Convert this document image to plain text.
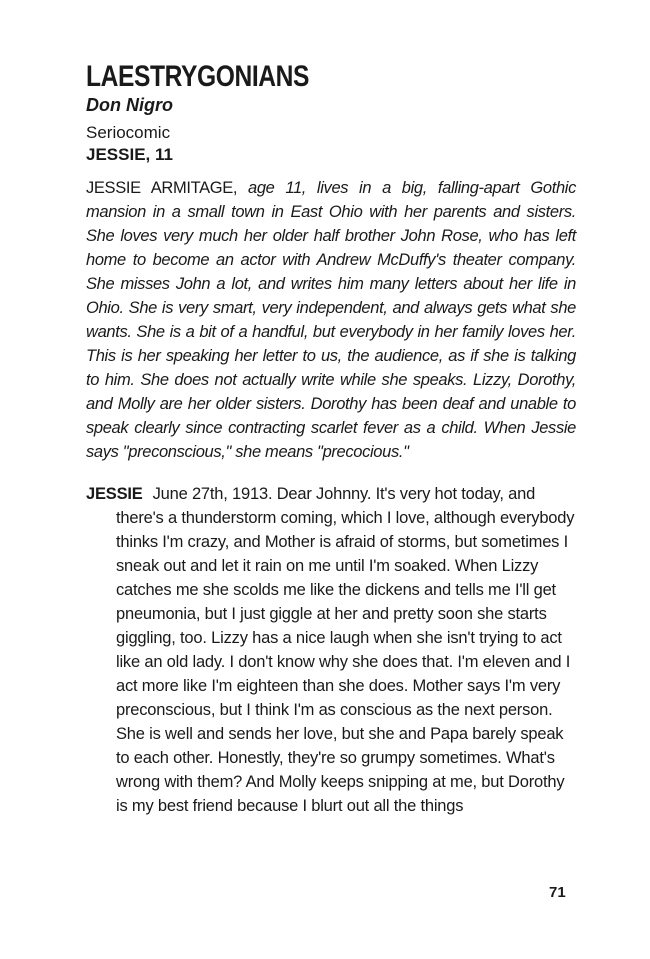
LAESTRYGONIANS
Don Nigro
Seriocomic
JESSIE, 11
JESSIE ARMITAGE, age 11, lives in a big, falling-apart Gothic mansion in a small town in East Ohio with her parents and sisters. She loves very much her older half brother John Rose, who has left home to become an actor with Andrew McDuffy's theater company. She misses John a lot, and writes him many letters about her life in Ohio. She is very smart, very independent, and always gets what she wants. She is a bit of a handful, but everybody in her family loves her. This is her speaking her letter to us, the audience, as if she is talking to him. She does not actually write while she speaks. Lizzy, Dorothy, and Molly are her older sisters. Dorothy has been deaf and unable to speak clearly since contracting scarlet fever as a child. When Jessie says "preconscious," she means "precocious."
JESSIE June 27th, 1913. Dear Johnny. It's very hot today, and there's a thunderstorm coming, which I love, although everybody thinks I'm crazy, and Mother is afraid of storms, but sometimes I sneak out and let it rain on me until I'm soaked. When Lizzy catches me she scolds me like the dickens and tells me I'll get pneumonia, but I just giggle at her and pretty soon she starts giggling, too. Lizzy has a nice laugh when she isn't trying to act like an old lady. I don't know why she does that. I'm eleven and I act more like I'm eighteen than she does. Mother says I'm very preconscious, but I think I'm as conscious as the next person. She is well and sends her love, but she and Papa barely speak to each other. Honestly, they're so grumpy sometimes. What's wrong with them? And Molly keeps snipping at me, but Dorothy is my best friend because I blurt out all the things
71
